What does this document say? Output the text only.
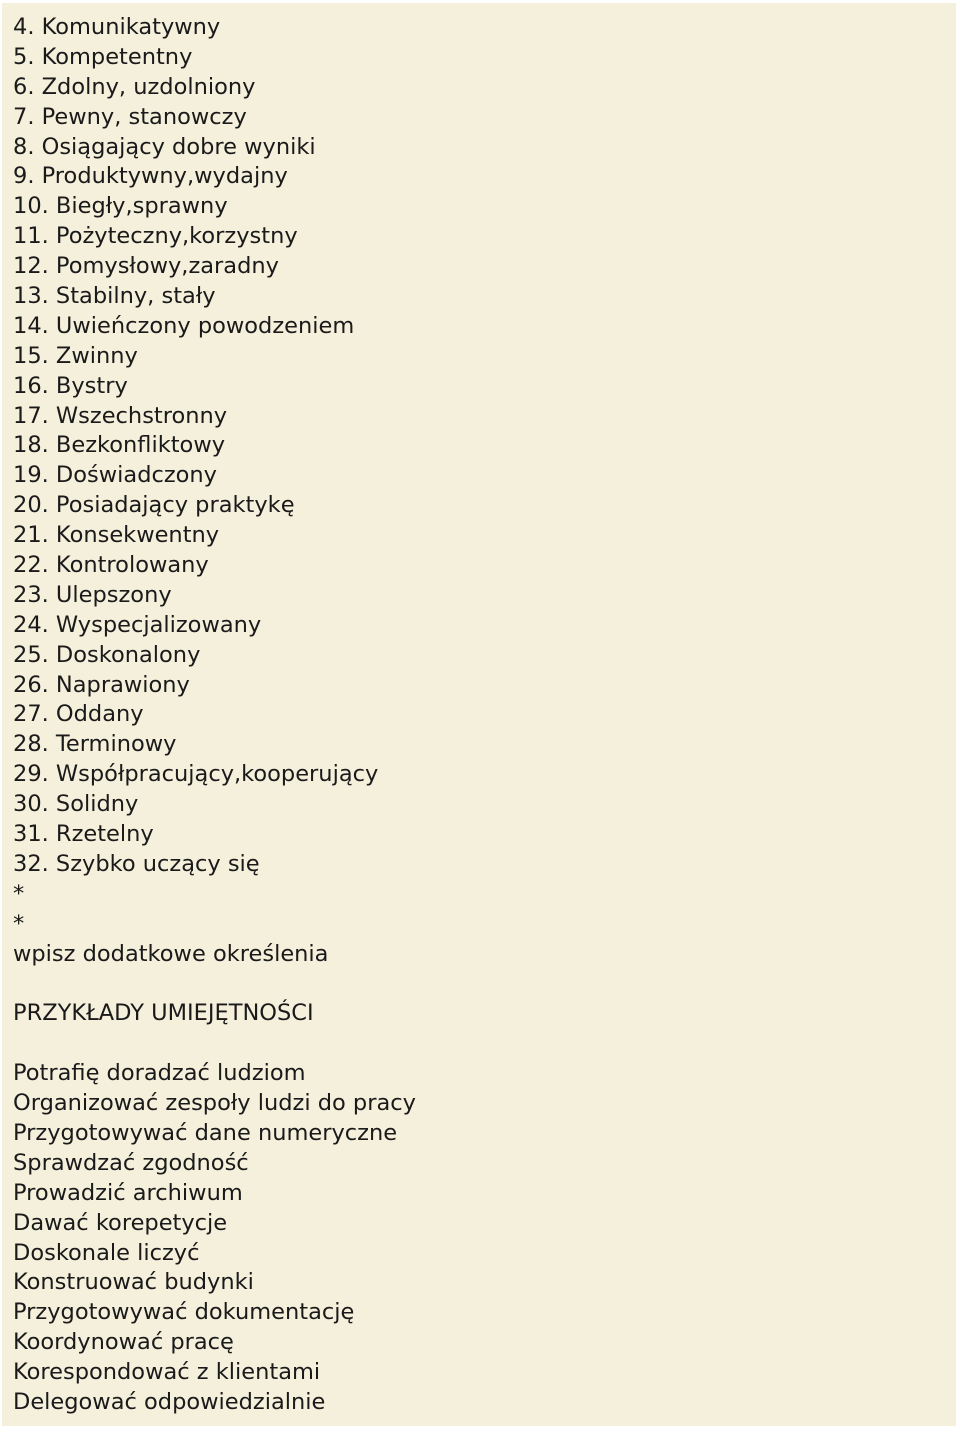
4. Komunikatywny
5. Kompetentny
6. Zdolny, uzdolniony
7. Pewny, stanowczy
8. Osiągający dobre wyniki
9. Produktywny,wydajny
10. Biegły,sprawny
11. Pożyteczny,korzystny
12. Pomysłowy,zaradny
13. Stabilny, stały
14. Uwieńczony powodzeniem
15. Zwinny
16. Bystry
17. Wszechstronny
18. Bezkonfliktowy
19. Doświadczony
20. Posiadający praktykę
21. Konsekwentny
22. Kontrolowany
23. Ulepszony
24. Wyspecjalizowany
25. Doskonalony
26. Naprawiony
27. Oddany
28. Terminowy
29. Współpracujący,kooperujący
30. Solidny
31. Rzetelny
32. Szybko uczący się
*
*
wpisz dodatkowe określenia
PRZYKŁADY UMIEJĘTNOŚCI
Potrafię doradzać ludziom
Organizować zespoły ludzi do pracy
Przygotowywać dane numeryczne
Sprawdzać zgodność
Prowadzić archiwum
Dawać korepetycje
Doskonale liczyć
Konstruować budynki
Przygotowywać dokumentację
Koordynować pracę
Korespondować z klientami
Delegować odpowiedzialnie
